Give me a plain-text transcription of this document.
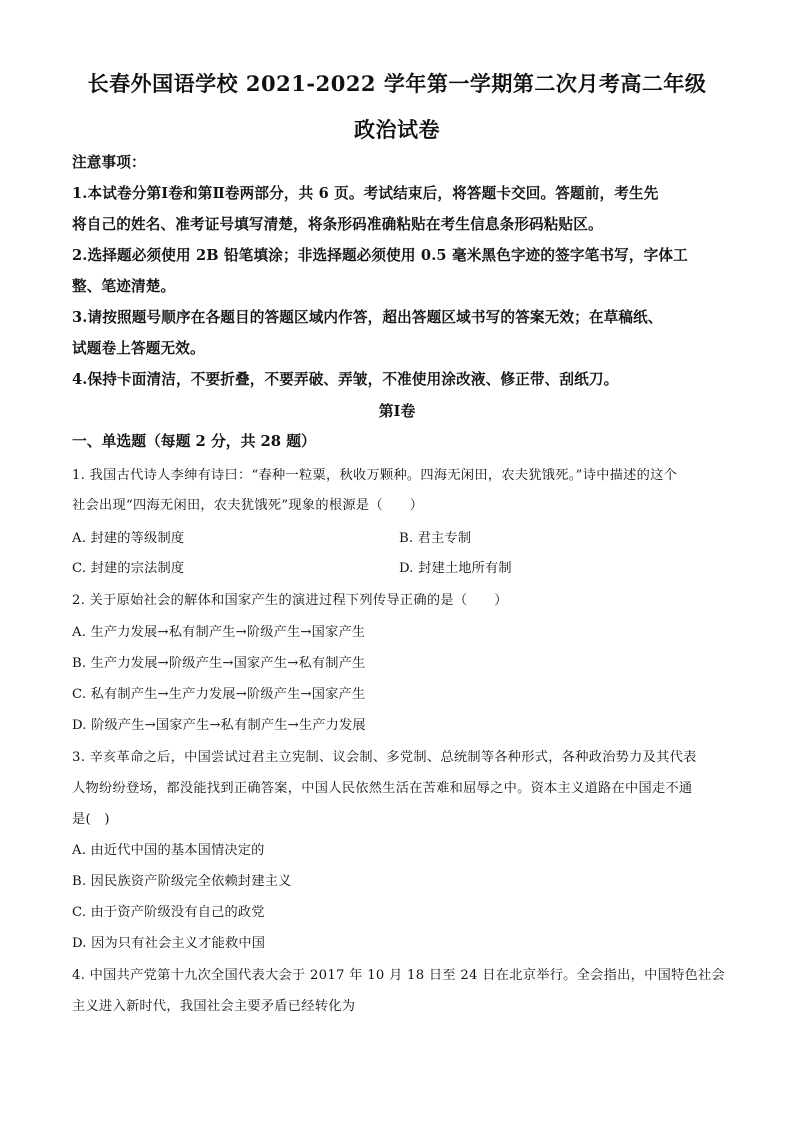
长春外国语学校 2021-2022 学年第一学期第二次月考高二年级
政治试卷
注意事项：
1.本试卷分第Ⅰ卷和第Ⅱ卷两部分，共 6 页。考试结束后，将答题卡交回。答题前，考生先
将自己的姓名、准考证号填写清楚，将条形码准确粘贴在考生信息条形码粘贴区。
2.选择题必须使用 2B 铅笔填涂；非选择题必须使用 0.5 毫米黑色字迹的签字笔书写，字体工
整、笔迹清楚。
3.请按照题号顺序在各题目的答题区域内作答，超出答题区域书写的答案无效；在草稿纸、
试题卷上答题无效。
4.保持卡面清洁，不要折叠，不要弄破、弄皱，不准使用涂改液、修正带、刮纸刀。
第Ⅰ卷
一、单选题（每题 2 分，共 28 题）
1. 我国古代诗人李绅有诗曰：“春种一粒粟，秋收万颗种。四海无闲田，农夫犹饿死。”诗中描述的这个
社会出现“四海无闲田，农夫犹饿死”现象的根源是（　　）
A. 封建的等级制度	B. 君主专制
C. 封建的宗法制度	D. 封建土地所有制
2. 关于原始社会的解体和国家产生的演进过程下列传导正确的是（　　）
A. 生产力发展→私有制产生→阶级产生→国家产生
B. 生产力发展→阶级产生→国家产生→私有制产生
C. 私有制产生→生产力发展→阶级产生→国家产生
D. 阶级产生→国家产生→私有制产生→生产力发展
3. 辛亥革命之后，中国尝试过君主立宪制、议会制、多党制、总统制等各种形式，各种政治势力及其代表
人物纷纷登场，都没能找到正确答案，中国人民依然生活在苦难和屈辱之中。资本主义道路在中国走不通
是(　)
A. 由近代中国的基本国情决定的
B. 因民族资产阶级完全依赖封建主义
C. 由于资产阶级没有自己的政党
D. 因为只有社会主义才能救中国
4. 中国共产党第十九次全国代表大会于 2017 年 10 月 18 日至 24 日在北京举行。全会指出，中国特色社会
主义进入新时代，我国社会主要矛盾已经转化为
